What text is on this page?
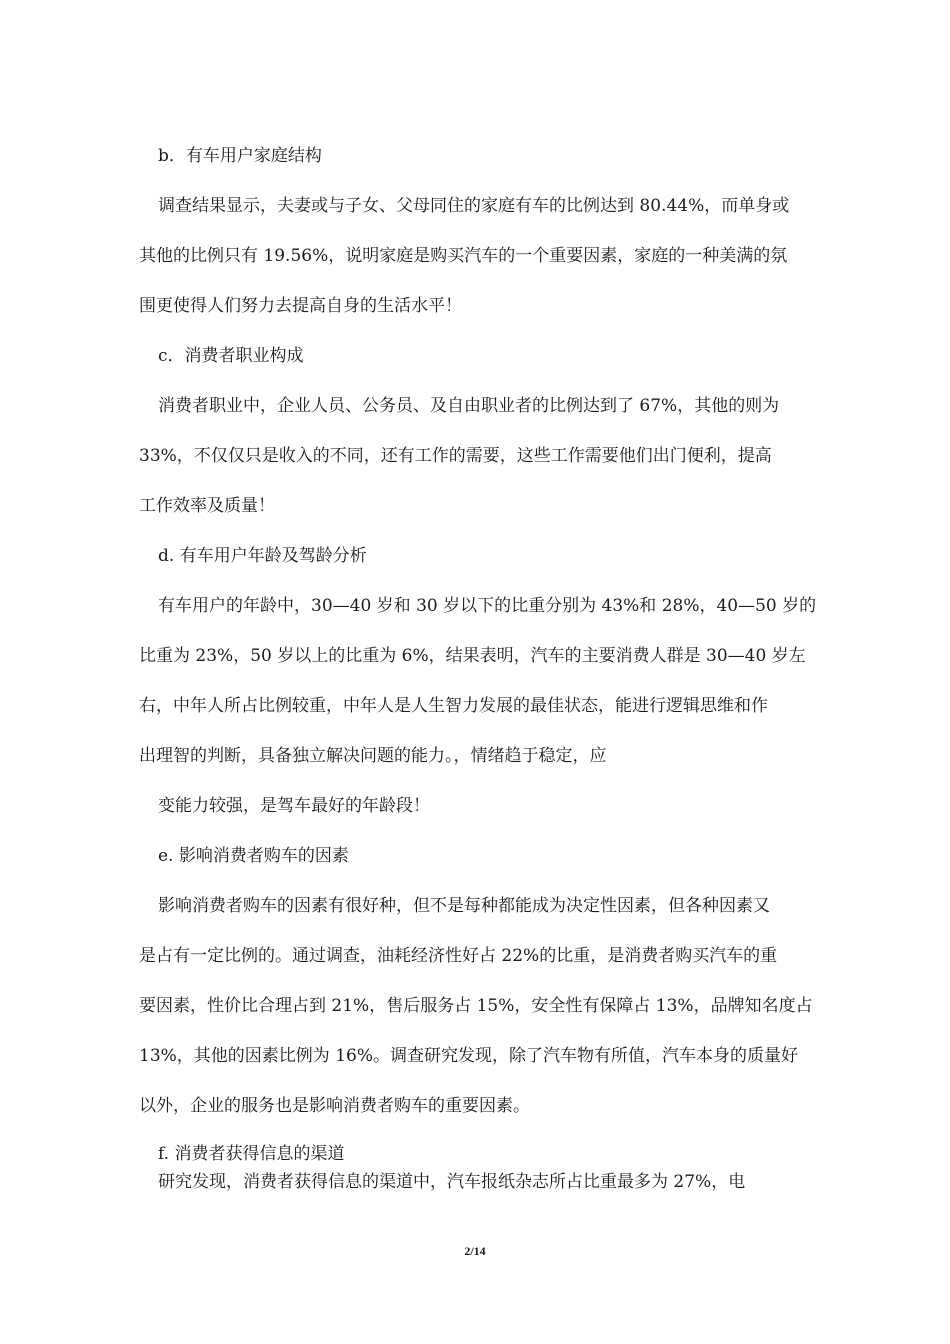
b．有车用户家庭结构
调查结果显示，夫妻或与子女、父母同住的家庭有车的比例达到 80.44%，而单身或
其他的比例只有 19.56%，说明家庭是购买汽车的一个重要因素，家庭的一种美满的氛
围更使得人们努力去提高自身的生活水平！
c．消费者职业构成
消费者职业中，企业人员、公务员、及自由职业者的比例达到了 67%，其他的则为
33%，不仅仅只是收入的不同，还有工作的需要，这些工作需要他们出门便利，提高
工作效率及质量！
d. 有车用户年龄及驾龄分析
有车用户的年龄中，30—40 岁和 30 岁以下的比重分别为 43%和 28%，40—50 岁的
比重为 23%，50 岁以上的比重为 6%，结果表明，汽车的主要消费人群是 30—40 岁左
右，中年人所占比例较重，中年人是人生智力发展的最佳状态，能进行逻辑思维和作
出理智的判断，具备独立解决问题的能力。，情绪趋于稳定，应
变能力较强，是驾车最好的年龄段！
e. 影响消费者购车的因素
影响消费者购车的因素有很好种，但不是每种都能成为决定性因素，但各种因素又
是占有一定比例的。通过调查，油耗经济性好占 22%的比重，是消费者购买汽车的重
要因素，性价比合理占到 21%，售后服务占 15%，安全性有保障占 13%，品牌知名度占
13%，其他的因素比例为 16%。调查研究发现，除了汽车物有所值，汽车本身的质量好
以外，企业的服务也是影响消费者购车的重要因素。
f. 消费者获得信息的渠道
研究发现，消费者获得信息的渠道中，汽车报纸杂志所占比重最多为 27%，电
2/14
